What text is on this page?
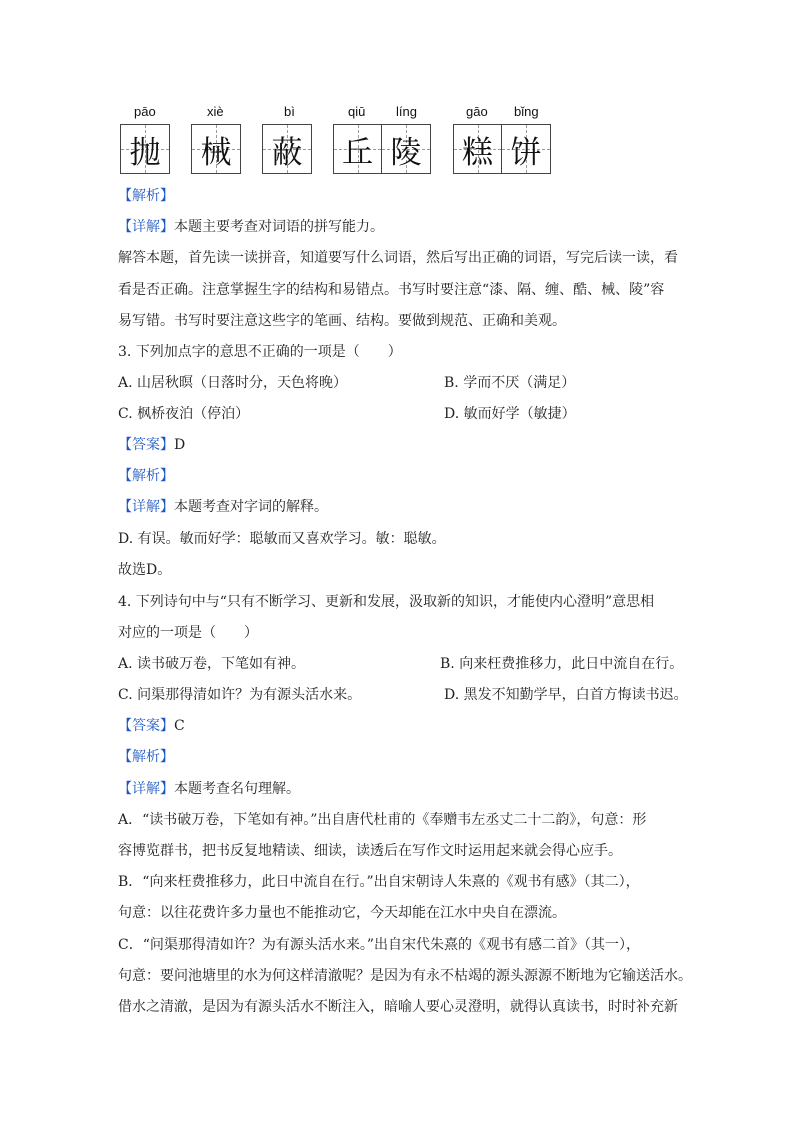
pāo	xiè	bì	qiū líng	gāo bǐng
抛 械 蔽 丘 陵 糕 饼
【解析】
【详解】本题主要考查对词语的拼写能力。
解答本题，首先读一读拼音，知道要写什么词语，然后写出正确的词语，写完后读一读，看
看是否正确。注意掌握生字的结构和易错点。书写时要注意“漆、隔、缠、酷、械、陵”容
易写错。书写时要注意这些字的笔画、结构。要做到规范、正确和美观。
3. 下列加点字的意思不正确的一项是（　　）
A. 山居秋暝（日落时分，天色将晚）	B. 学而不厌（满足）
C. 枫桥夜泊（停泊）	D. 敏而好学（敏捷）
【答案】D
【解析】
【详解】本题考查对字词的解释。
D. 有误。敏而好学：聪敏而又喜欢学习。敏：聪敏。
故选D。
4. 下列诗句中与“只有不断学习、更新和发展，汲取新的知识，才能使内心澄明”意思相
对应的一项是（　　）
A. 读书破万卷，下笔如有神。	B. 向来枉费推移力，此日中流自在行。
C. 问渠那得清如许？为有源头活水来。	D. 黑发不知勤学早，白首方悔读书迟。
【答案】C
【解析】
【详解】本题考查名句理解。
A．“读书破万卷，下笔如有神。”出自唐代杜甫的《奉赠韦左丞丈二十二韵》，句意：形
容博览群书，把书反复地精读、细读，读透后在写作文时运用起来就会得心应手。
B．“向来枉费推移力，此日中流自在行。”出自宋朝诗人朱熹的《观书有感》（其二），
句意：以往花费许多力量也不能推动它，今天却能在江水中央自在漂流。
C．“问渠那得清如许？为有源头活水来。”出自宋代朱熹的《观书有感二首》（其一），
句意：要问池塘里的水为何这样清澈呢？是因为有永不枯竭的源头源源不断地为它输送活水。
借水之清澈，是因为有源头活水不断注入，暗喻人要心灵澄明，就得认真读书，时时补充新
